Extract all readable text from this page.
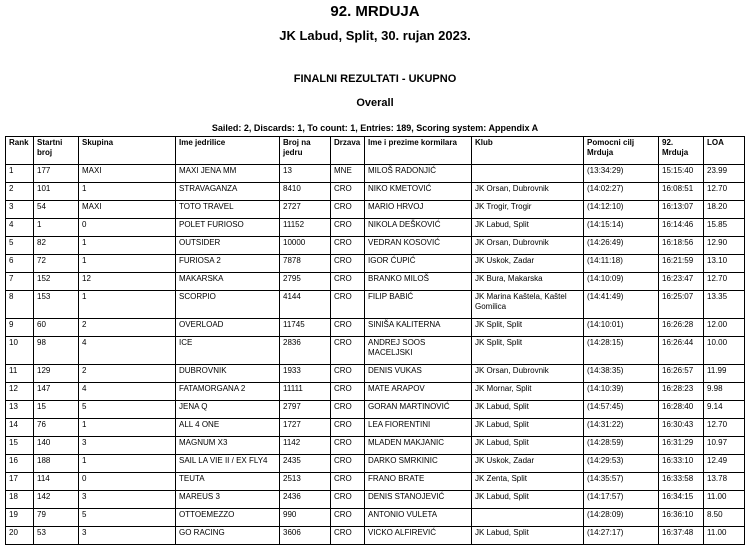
92. MRDUJA
JK Labud, Split, 30. rujan 2023.
FINALNI REZULTATI - UKUPNO
Overall
Sailed: 2, Discards: 1, To count: 1, Entries: 189, Scoring system: Appendix A
Rank	Startni broj	Skupina	Ime jedrilice	Broj na jedru	Drzava	Ime i prezime kormilara	Klub	Pomocni cilj Mrduja	92. Mrduja	LOA
1	177	MAXI	MAXI JENA MM	13	MNE	MILOŠ RADONJIĆ		(13:34:29)	15:15:40	23.99
2	101	1	STRAVAGANZA	8410	CRO	NIKO KMETOVIĆ	JK Orsan, Dubrovnik	(14:02:27)	16:08:51	12.70
3	54	MAXI	TOTO TRAVEL	2727	CRO	MARIO HRVOJ	JK Trogir, Trogir	(14:12:10)	16:13:07	18.20
4	1	0	POLET FURIOSO	11152	CRO	NIKOLA DEŠKOVIĆ	JK Labud, Split	(14:15:14)	16:14:46	15.85
5	82	1	OUTSIDER	10000	CRO	VEDRAN KOSOVIĆ	JK Orsan, Dubrovnik	(14:26:49)	16:18:56	12.90
6	72	1	FURIOSA 2	7878	CRO	IGOR ĆUPIĆ	JK Uskok, Zadar	(14:11:18)	16:21:59	13.10
7	152	12	MAKARSKA	2795	CRO	BRANKO MILOŠ	JK Bura, Makarska	(14:10:09)	16:23:47	12.70
8	153	1	SCORPIO	4144	CRO	FILIP BABIĆ	JK Marina Kaštela, Kaštel Gomilica	(14:41:49)	16:25:07	13.35
9	60	2	OVERLOAD	11745	CRO	SINIŠA KALITERNA	JK Split, Split	(14:10:01)	16:26:28	12.00
10	98	4	ICE	2836	CRO	ANDREJ SOOS MACELJSKI	JK Split, Split	(14:28:15)	16:26:44	10.00
11	129	2	DUBROVNIK	1933	CRO	DENIS VUKAS	JK Orsan, Dubrovnik	(14:38:35)	16:26:57	11.99
12	147	4	FATAMORGANA 2	11111	CRO	MATE ARAPOV	JK Mornar, Split	(14:10:39)	16:28:23	9.98
13	15	5	JENA Q	2797	CRO	GORAN MARTINOVIĆ	JK Labud, Split	(14:57:45)	16:28:40	9.14
14	76	1	ALL 4 ONE	1727	CRO	LEA FIORENTINI	JK Labud, Split	(14:31:22)	16:30:43	12.70
15	140	3	MAGNUM X3	1142	CRO	MLADEN MAKJANIC	JK Labud, Split	(14:28:59)	16:31:29	10.97
16	188	1	SAIL LA VIE II / EX FLY4	2435	CRO	DARKO SMRKINIC	JK Uskok, Zadar	(14:29:53)	16:33:10	12.49
17	114	0	TEUTA	2513	CRO	FRANO BRATE	JK Zenta, Split	(14:35:57)	16:33:58	13.78
18	142	3	MAREUS 3	2436	CRO	DENIS STANOJEVIĆ	JK Labud, Split	(14:17:57)	16:34:15	11.00
19	79	5	OTTOEMEZZO	990	CRO	ANTONIO VULETA		(14:28:09)	16:36:10	8.50
20	53	3	GO RACING	3606	CRO	VICKO ALFIREVIĆ	JK Labud, Split	(14:27:17)	16:37:48	11.00
